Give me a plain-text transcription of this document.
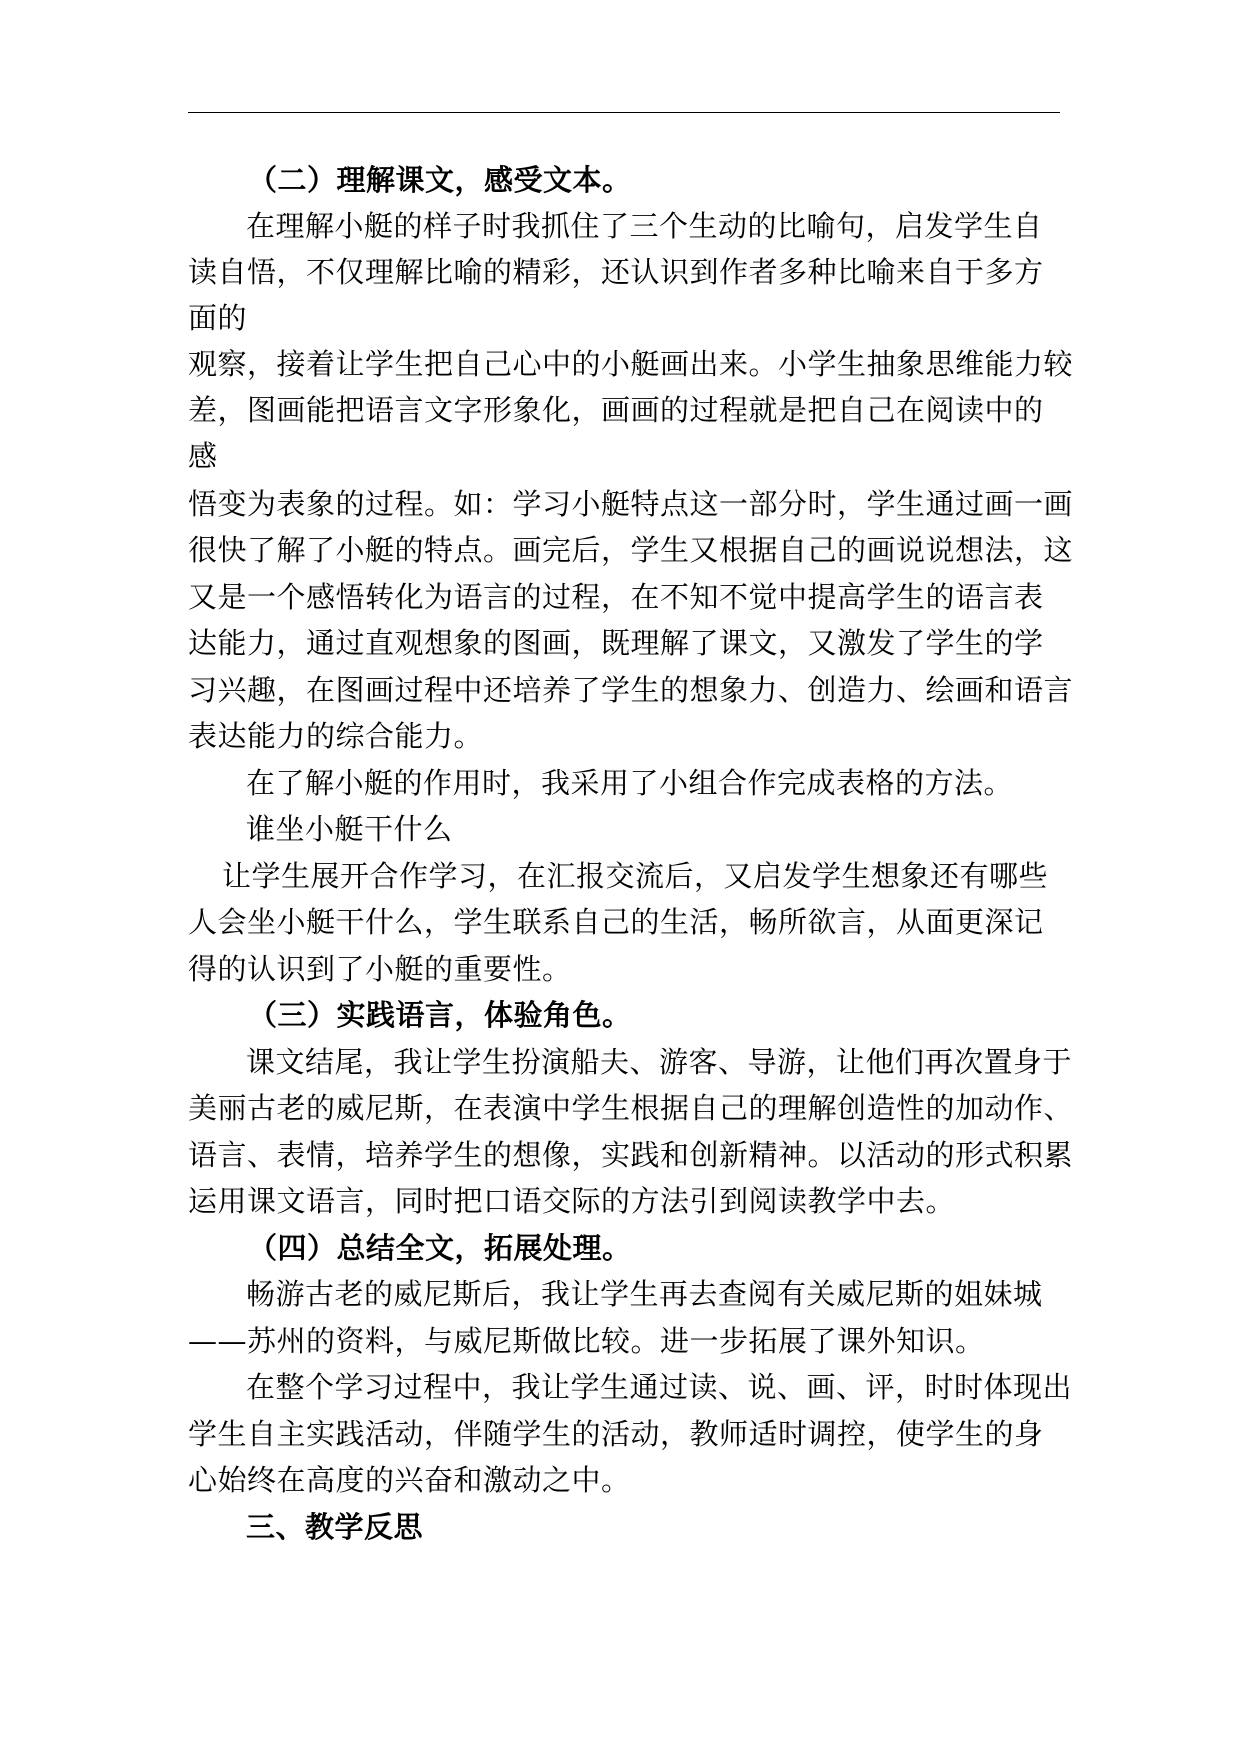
（二）理解课文，感受文本。
在理解小艇的样子时我抓住了三个生动的比喻句，启发学生自
读自悟，不仅理解比喻的精彩，还认识到作者多种比喻来自于多方
面的
观察，接着让学生把自己心中的小艇画出来。小学生抽象思维能力较
差，图画能把语言文字形象化，画画的过程就是把自己在阅读中的
感
悟变为表象的过程。如：学习小艇特点这一部分时，学生通过画一画
很快了解了小艇的特点。画完后，学生又根据自己的画说说想法，这
又是一个感悟转化为语言的过程，在不知不觉中提高学生的语言表
达能力，通过直观想象的图画，既理解了课文，又激发了学生的学
习兴趣，在图画过程中还培养了学生的想象力、创造力、绘画和语言
表达能力的综合能力。
在了解小艇的作用时，我采用了小组合作完成表格的方法。
谁坐小艇干什么
让学生展开合作学习，在汇报交流后，又启发学生想象还有哪些
人会坐小艇干什么，学生联系自己的生活，畅所欲言，从面更深记
得的认识到了小艇的重要性。
（三）实践语言，体验角色。
课文结尾，我让学生扮演船夫、游客、导游，让他们再次置身于
美丽古老的威尼斯，在表演中学生根据自己的理解创造性的加动作、
语言、表情，培养学生的想像，实践和创新精神。以活动的形式积累
运用课文语言，同时把口语交际的方法引到阅读教学中去。
（四）总结全文，拓展处理。
畅游古老的威尼斯后，我让学生再去查阅有关威尼斯的姐妹城
——苏州的资料，与威尼斯做比较。进一步拓展了课外知识。
在整个学习过程中，我让学生通过读、说、画、评，时时体现出
学生自主实践活动，伴随学生的活动，教师适时调控，使学生的身
心始终在高度的兴奋和激动之中。
三、教学反思
